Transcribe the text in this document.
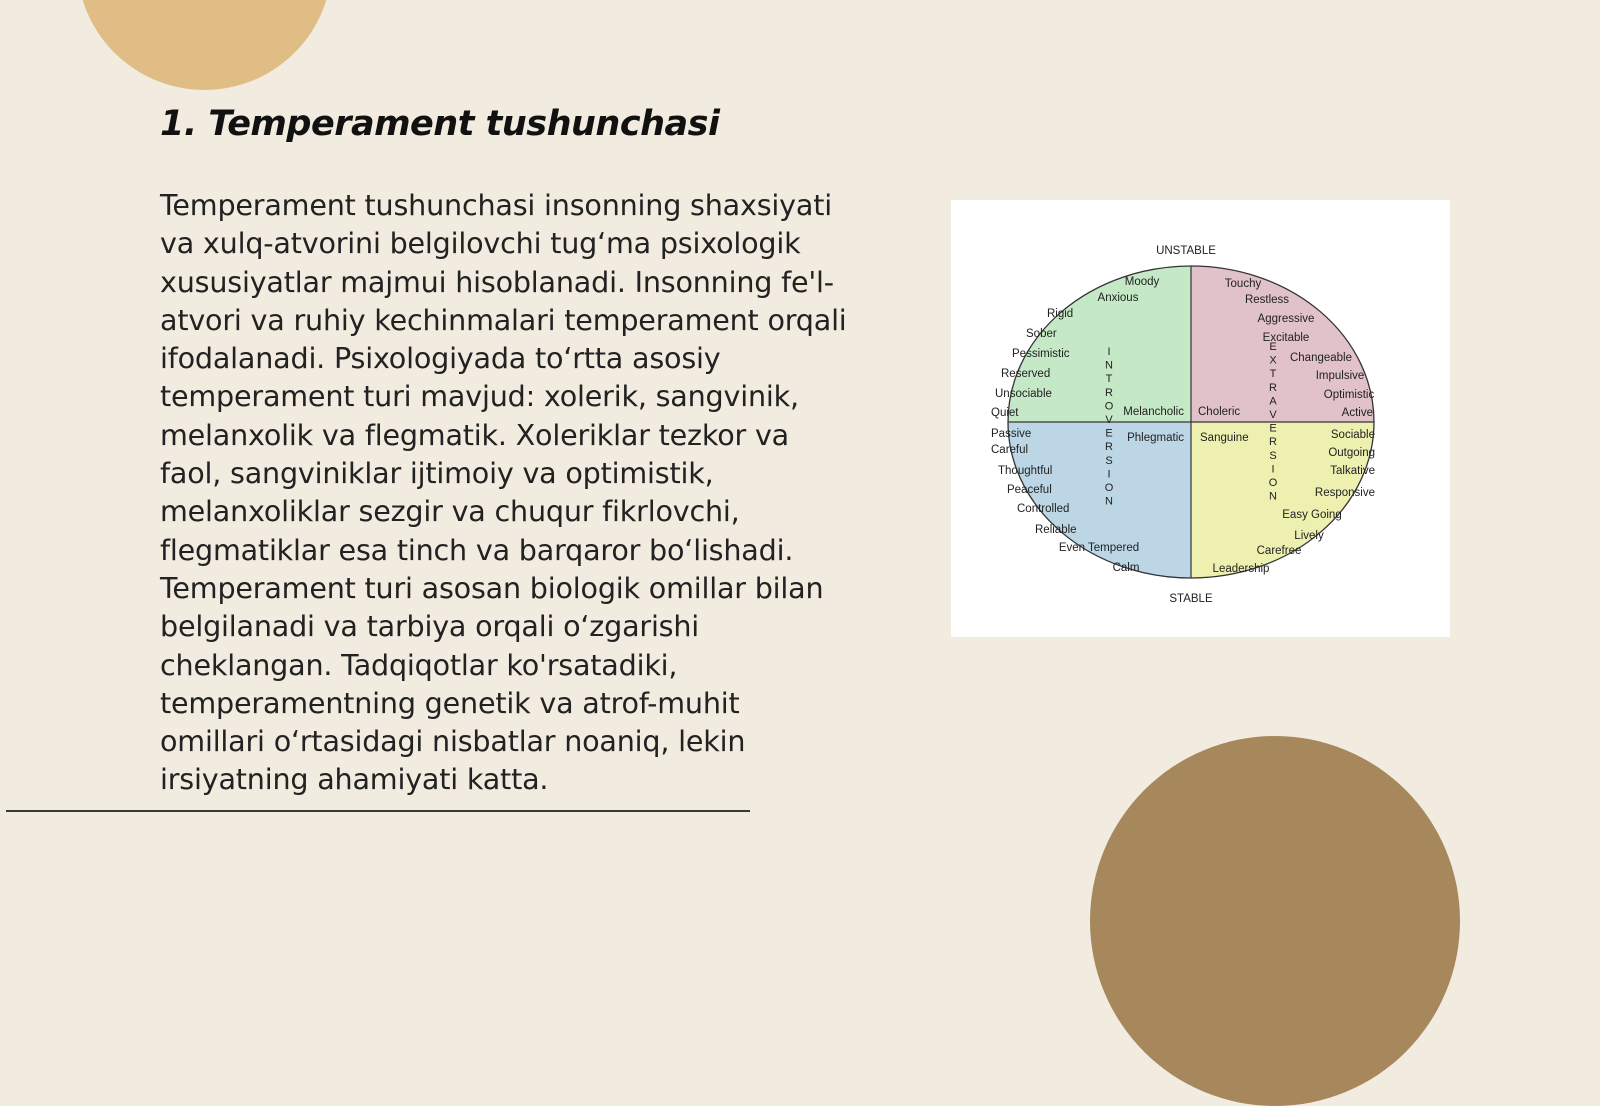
1. Temperament tushunchasi

Temperament tushunchasi insonning shaxsiyati va xulq-atvorini belgilovchi tug‘ma psixologik xususiyatlar majmui hisoblanadi. Insonning fe'l-atvori va ruhiy kechinmalari temperament orqali ifodalanadi. Psixologiyada to‘rtta asosiy temperament turi mavjud: xolerik, sangvinik, melanxolik va flegmatik. Xoleriklar tezkor va faol, sangviniklar ijtimoiy va optimistik, melanxoliklar sezgir va chuqur fikrlovchi, flegmatiklar esa tinch va barqaror bo‘lishadi. Temperament turi asosan biologik omillar bilan belgilanadi va tarbiya orqali o‘zgarishi cheklangan. Tadqiqotlar ko'rsatadiki, temperamentning genetik va atrof-muhit omillari o‘rtasidagi nisbatlar noaniq, lekin irsiyatning ahamiyati katta.

UNSTABLE
STABLE
Moody
Anxious
Rigid
Sober
Pessimistic
Reserved
Unsociable
Quiet	Melancholic
Touchy
Restless
Aggressive
Excitable
Changeable
Impulsive
Optimistic
Active
Choleric
Passive
Careful
Thoughtful
Peaceful
Controlled
Reliable
Even Tempered
Calm
Phlegmatic	Sociable
Outgoing
Talkative
Responsive
Easy Going
Lively
Carefree
Leadership
Sanguine
I
N
T
R
O
V
E
R
S
I
O
N
E
X
T
R
A
V
E
R
S
I
O
N
